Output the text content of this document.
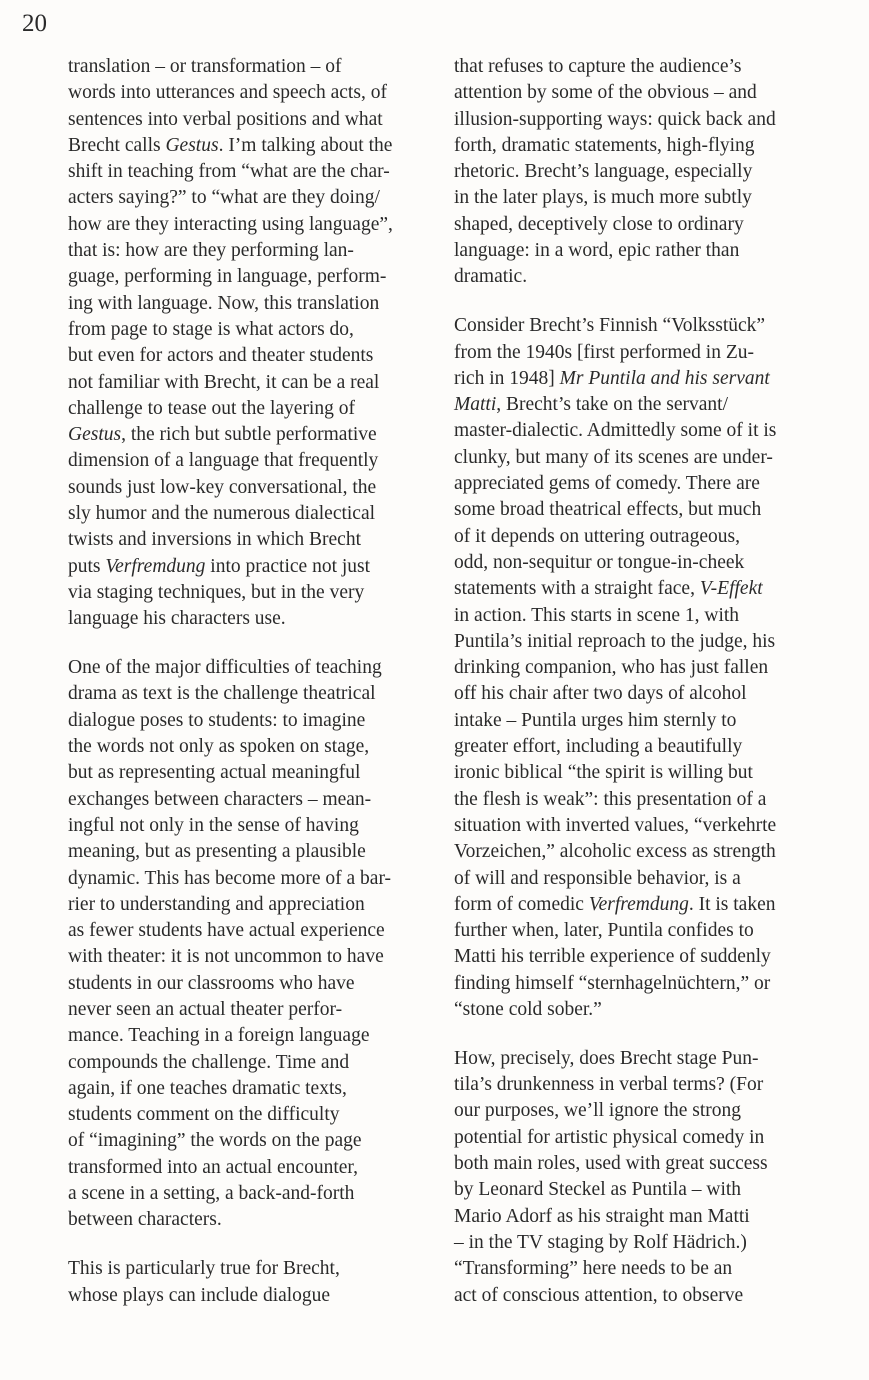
20
translation – or transformation – of
words into utterances and speech acts, of
sentences into verbal positions and what
Brecht calls Gestus. I’m talking about the
shift in teaching from “what are the char-
acters saying?” to “what are they doing/
how are they interacting using language”,
that is: how are they performing lan-
guage, performing in language, perform-
ing with language. Now, this translation
from page to stage is what actors do,
but even for actors and theater students
not familiar with Brecht, it can be a real
challenge to tease out the layering of
Gestus, the rich but subtle performative
dimension of a language that frequently
sounds just low-key conversational, the
sly humor and the numerous dialectical
twists and inversions in which Brecht
puts Verfremdung into practice not just
via staging techniques, but in the very
language his characters use.
One of the major difficulties of teaching
drama as text is the challenge theatrical
dialogue poses to students: to imagine
the words not only as spoken on stage,
but as representing actual meaningful
exchanges between characters – mean-
ingful not only in the sense of having
meaning, but as presenting a plausible
dynamic. This has become more of a bar-
rier to understanding and appreciation
as fewer students have actual experience
with theater: it is not uncommon to have
students in our classrooms who have
never seen an actual theater perfor-
mance. Teaching in a foreign language
compounds the challenge. Time and
again, if one teaches dramatic texts,
students comment on the difficulty
of “imagining” the words on the page
transformed into an actual encounter,
a scene in a setting, a back-and-forth
between characters.
This is particularly true for Brecht,
whose plays can include dialogue
that refuses to capture the audience’s
attention by some of the obvious – and
illusion-supporting ways: quick back and
forth, dramatic statements, high-flying
rhetoric. Brecht’s language, especially
in the later plays, is much more subtly
shaped, deceptively close to ordinary
language: in a word, epic rather than
dramatic.
Consider Brecht’s Finnish “Volksstück”
from the 1940s [first performed in Zu-
rich in 1948] Mr Puntila and his servant
Matti, Brecht’s take on the servant/
master-dialectic. Admittedly some of it is
clunky, but many of its scenes are under-
appreciated gems of comedy. There are
some broad theatrical effects, but much
of it depends on uttering outrageous,
odd, non-sequitur or tongue-in-cheek
statements with a straight face, V-Effekt
in action. This starts in scene 1, with
Puntila’s initial reproach to the judge, his
drinking companion, who has just fallen
off his chair after two days of alcohol
intake – Puntila urges him sternly to
greater effort, including a beautifully
ironic biblical “the spirit is willing but
the flesh is weak”: this presentation of a
situation with inverted values, “verkehrte
Vorzeichen,” alcoholic excess as strength
of will and responsible behavior, is a
form of comedic Verfremdung. It is taken
further when, later, Puntila confides to
Matti his terrible experience of suddenly
finding himself “sternhagelnüchtern,” or
“stone cold sober.”
How, precisely, does Brecht stage Pun-
tila’s drunkenness in verbal terms? (For
our purposes, we’ll ignore the strong
potential for artistic physical comedy in
both main roles, used with great success
by Leonard Steckel as Puntila – with
Mario Adorf as his straight man Matti
– in the TV staging by Rolf Hädrich.)
“Transforming” here needs to be an
act of conscious attention, to observe
